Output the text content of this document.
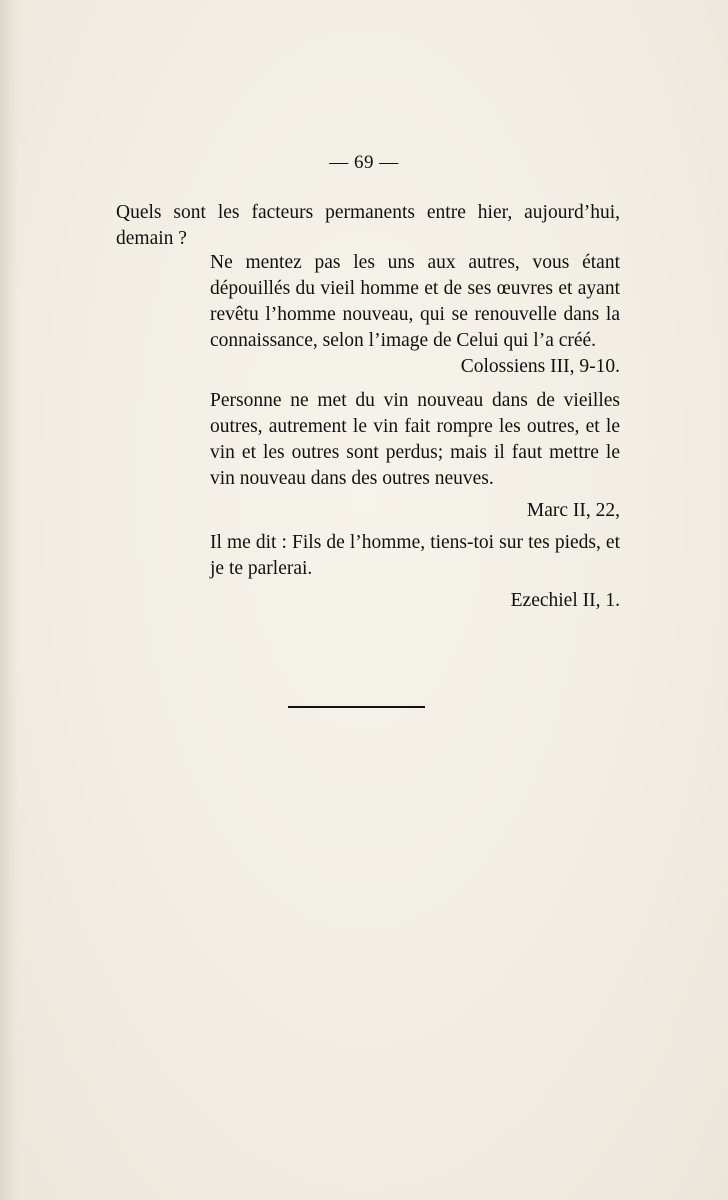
— 69 —
Quels sont les facteurs permanents entre hier, aujourd’hui, demain ?

Ne mentez pas les uns aux autres, vous étant dépouillés du vieil homme et de ses œuvres et ayant revêtu l’homme nouveau, qui se renouvelle dans la connaissance, selon l’image de Celui qui l’a créé.

Colossiens III, 9-10.

Personne ne met du vin nouveau dans de vieilles outres, autrement le vin fait rompre les outres, et le vin et les outres sont perdus; mais il faut mettre le vin nouveau dans des outres neuves.

Marc II, 22,

Il me dit : Fils de l’homme, tiens-toi sur tes pieds, et je te parlerai.

Ezechiel II, 1.
